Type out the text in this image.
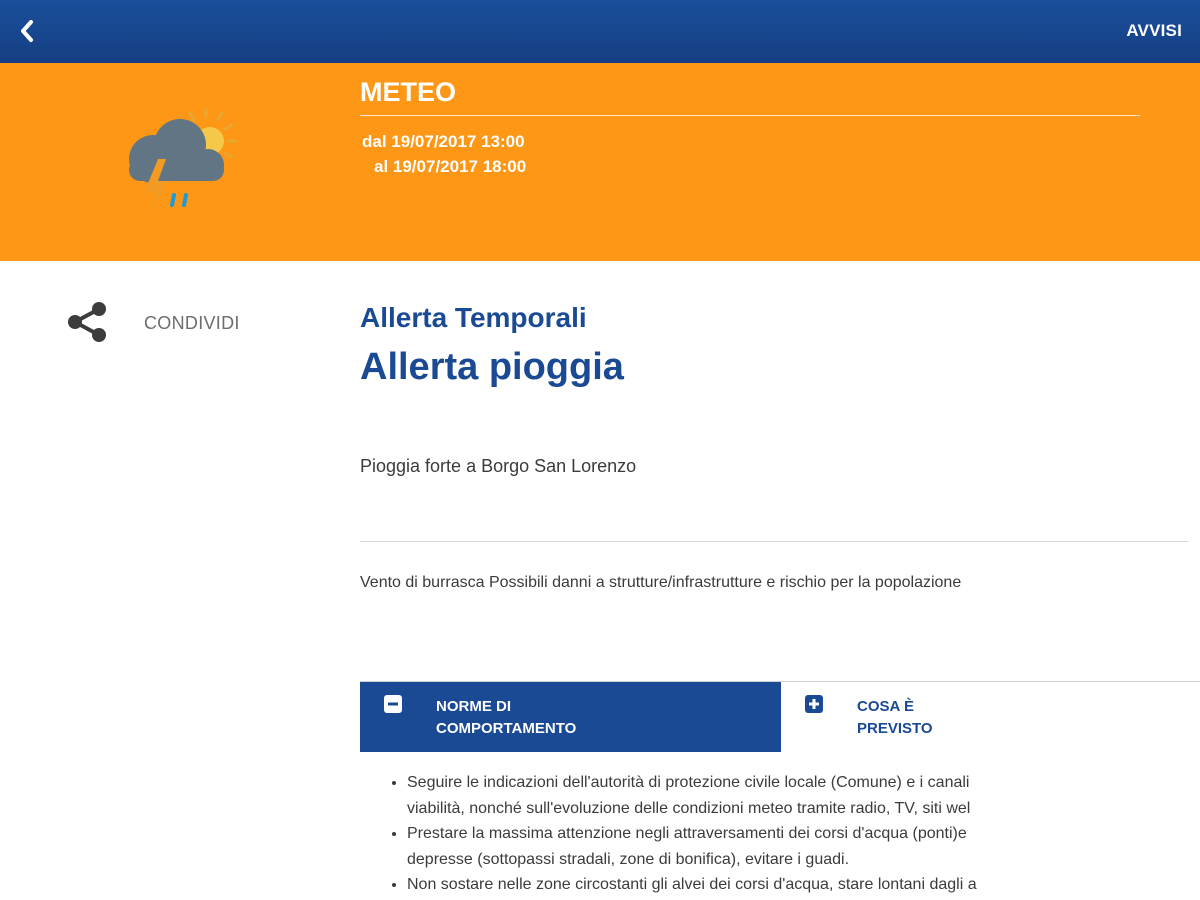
AVVISI
METEO
dal 19/07/2017 13:00
al 19/07/2017 18:00
CONDIVIDI	Allerta Temporali
Allerta pioggia

Pioggia forte a Borgo San Lorenzo

Vento di burrasca Possibili danni a strutture/infrastrutture e rischio per la popolazione

NORME DI
COMPORTAMENTO
COSA È
PREVISTO
• Seguire le indicazioni dell'autorità di protezione civile locale (Comune) e i canali
viabilità, nonché sull'evoluzione delle condizioni meteo tramite radio, TV, siti wel
• Prestare la massima attenzione negli attraversamenti dei corsi d'acqua (ponti)e
depresse (sottopassi stradali, zone di bonifica), evitare i guadi.
• Non sostare nelle zone circostanti gli alvei dei corsi d'acqua, stare lontani dagli a
